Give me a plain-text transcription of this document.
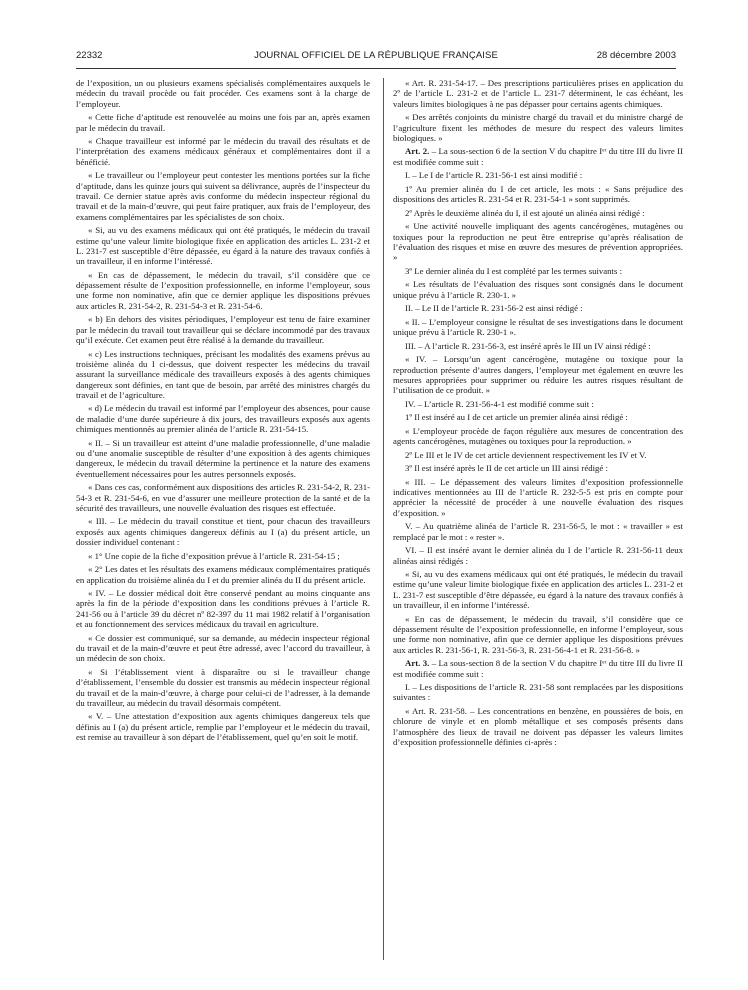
22332	JOURNAL OFFICIEL DE LA RÉPUBLIQUE FRANÇAISE	28 décembre 2003

de l’exposition, un ou plusieurs examens spécialisés complémentaires auxquels le médecin du travail procède ou fait procéder. Ces examens sont à la charge de l’employeur.

« Cette fiche d’aptitude est renouvelée au moins une fois par an, après examen par le médecin du travail.

« Chaque travailleur est informé par le médecin du travail des résultats et de l’interprétation des examens médicaux généraux et complémentaires dont il a bénéficié.

« Le travailleur ou l’employeur peut contester les mentions portées sur la fiche d’aptitude, dans les quinze jours qui suivent sa délivrance, auprès de l’inspecteur du travail. Ce dernier statue après avis conforme du médecin inspecteur régional du travail et de la main-d’œuvre, qui peut faire pratiquer, aux frais de l’employeur, des examens complémentaires par les spécialistes de son choix.

« Si, au vu des examens médicaux qui ont été pratiqués, le médecin du travail estime qu’une valeur limite biologique fixée en application des articles L. 231-2 et L. 231-7 est susceptible d’être dépassée, eu égard à la nature des travaux confiés à un travailleur, il en informe l’intéressé.

« En cas de dépassement, le médecin du travail, s’il considère que ce dépassement résulte de l’exposition professionnelle, en informe l’employeur, sous une forme non nominative, afin que ce dernier applique les dispositions prévues aux articles R. 231-54-2, R. 231-54-3 et R. 231-54-6.

« b) En dehors des visites périodiques, l’employeur est tenu de faire examiner par le médecin du travail tout travailleur qui se déclare incommodé par des travaux qu’il exécute. Cet examen peut être réalisé à la demande du travailleur.

« c) Les instructions techniques, précisant les modalités des examens prévus au troisième alinéa du I ci-dessus, que doivent respecter les médecins du travail assurant la surveillance médicale des travailleurs exposés à des agents chimiques dangereux sont définies, en tant que de besoin, par arrêté des ministres chargés du travail et de l’agriculture.

« d) Le médecin du travail est informé par l’employeur des absences, pour cause de maladie d’une durée supérieure à dix jours, des travailleurs exposés aux agents chimiques mentionnés au premier alinéa de l’article R. 231-54-15.

« II. – Si un travailleur est atteint d’une maladie professionnelle, d’une maladie ou d’une anomalie susceptible de résulter d’une exposition à des agents chimiques dangereux, le médecin du travail détermine la pertinence et la nature des examens éventuellement nécessaires pour les autres personnels exposés.

« Dans ces cas, conformément aux dispositions des articles R. 231-54-2, R. 231-54-3 et R. 231-54-6, en vue d’assurer une meilleure protection de la santé et de la sécurité des travailleurs, une nouvelle évaluation des risques est effectuée.

« III. – Le médecin du travail constitue et tient, pour chacun des travailleurs exposés aux agents chimiques dangereux définis au I (a) du présent article, un dossier individuel contenant :

« 1° Une copie de la fiche d’exposition prévue à l’article R. 231-54-15 ;

« 2° Les dates et les résultats des examens médicaux complémentaires pratiqués en application du troisième alinéa du I et du premier alinéa du II du présent article.

« IV. – Le dossier médical doit être conservé pendant au moins cinquante ans après la fin de la période d’exposition dans les conditions prévues à l’article R. 241-56 ou à l’article 39 du décret nº 82-397 du 11 mai 1982 relatif à l’organisation et au fonctionnement des services médicaux du travail en agriculture.

« Ce dossier est communiqué, sur sa demande, au médecin inspecteur régional du travail et de la main-d’œuvre et peut être adressé, avec l’accord du travailleur, à un médecin de son choix.

« Si l’établissement vient à disparaître ou si le travailleur change d’établissement, l’ensemble du dossier est transmis au médecin inspecteur régional du travail et de la main-d’œuvre, à charge pour celui-ci de l’adresser, à la demande du travailleur, au médecin du travail désormais compétent.

« V. – Une attestation d’exposition aux agents chimiques dangereux tels que définis au I (a) du présent article, remplie par l’employeur et le médecin du travail, est remise au travailleur à son départ de l’établissement, quel qu’en soit le motif.

« Art. R. 231-54-17. – Des prescriptions particulières prises en application du 2º de l’article L. 231-2 et de l’article L. 231-7 déterminent, le cas échéant, les valeurs limites biologiques à ne pas dépasser pour certains agents chimiques.

« Des arrêtés conjoints du ministre chargé du travail et du ministre chargé de l’agriculture fixent les méthodes de mesure du respect des valeurs limites biologiques. »

Art. 2. – La sous-section 6 de la section V du chapitre Iᵉʳ du titre III du livre II est modifiée comme suit :

I. – Le I de l’article R. 231-56-1 est ainsi modifié :

1º Au premier alinéa du I de cet article, les mots : « Sans préjudice des dispositions des articles R. 231-54 et R. 231-54-1 » sont supprimés.

2º Après le deuxième alinéa du I, il est ajouté un alinéa ainsi rédigé :

« Une activité nouvelle impliquant des agents cancérogènes, mutagènes ou toxiques pour la reproduction ne peut être entreprise qu’après réalisation de l’évaluation des risques et mise en œuvre des mesures de prévention appropriées. »

3º Le dernier alinéa du I est complété par les termes suivants :

« Les résultats de l’évaluation des risques sont consignés dans le document unique prévu à l’article R. 230-1. »

II. – Le II de l’article R. 231-56-2 est ainsi rédigé :

« II. – L’employeur consigne le résultat de ses investigations dans le document unique prévu à l’article R. 230-1 ».

III. – A l’article R. 231-56-3, est inséré après le III un IV ainsi rédigé :

« IV. – Lorsqu’un agent cancérogène, mutagène ou toxique pour la reproduction présente d’autres dangers, l’employeur met également en œuvre les mesures appropriées pour supprimer ou réduire les autres risques résultant de l’utilisation de ce produit. »

IV. – L’article R. 231-56-4-1 est modifié comme suit :

1º Il est inséré au I de cet article un premier alinéa ainsi rédigé :

« L’employeur procède de façon régulière aux mesures de concentration des agents cancérogènes, mutagènes ou toxiques pour la reproduction. »

2º Le III et le IV de cet article deviennent respectivement les IV et V.

3º Il est inséré après le II de cet article un III ainsi rédigé :

« III. – Le dépassement des valeurs limites d’exposition professionnelle indicatives mentionnées au III de l’article R. 232-5-5 est pris en compte pour apprécier la nécessité de procéder à une nouvelle évaluation des risques d’exposition. »

V. – Au quatrième alinéa de l’article R. 231-56-5, le mot : « travailler » est remplacé par le mot : « rester ».

VI. – Il est inséré avant le dernier alinéa du I de l’article R. 231-56-11 deux alinéas ainsi rédigés :

« Si, au vu des examens médicaux qui ont été pratiqués, le médecin du travail estime qu’une valeur limite biologique fixée en application des articles L. 231-2 et L. 231-7 est susceptible d’être dépassée, eu égard à la nature des travaux confiés à un travailleur, il en informe l’intéressé.

« En cas de dépassement, le médecin du travail, s’il considère que ce dépassement résulte de l’exposition professionnelle, en informe l’employeur, sous une forme non nominative, afin que ce dernier applique les dispositions prévues aux articles R. 231-56-1, R. 231-56-3, R. 231-56-4-1 et R. 231-56-8. »

Art. 3. – La sous-section 8 de la section V du chapitre Iᵉʳ du titre III du livre II est modifiée comme suit :

I. – Les dispositions de l’article R. 231-58 sont remplacées par les dispositions suivantes :

« Art. R. 231-58. – Les concentrations en benzène, en poussières de bois, en chlorure de vinyle et en plomb métallique et ses composés présents dans l’atmosphère des lieux de travail ne doivent pas dépasser les valeurs limites d’exposition professionnelle définies ci-après :
